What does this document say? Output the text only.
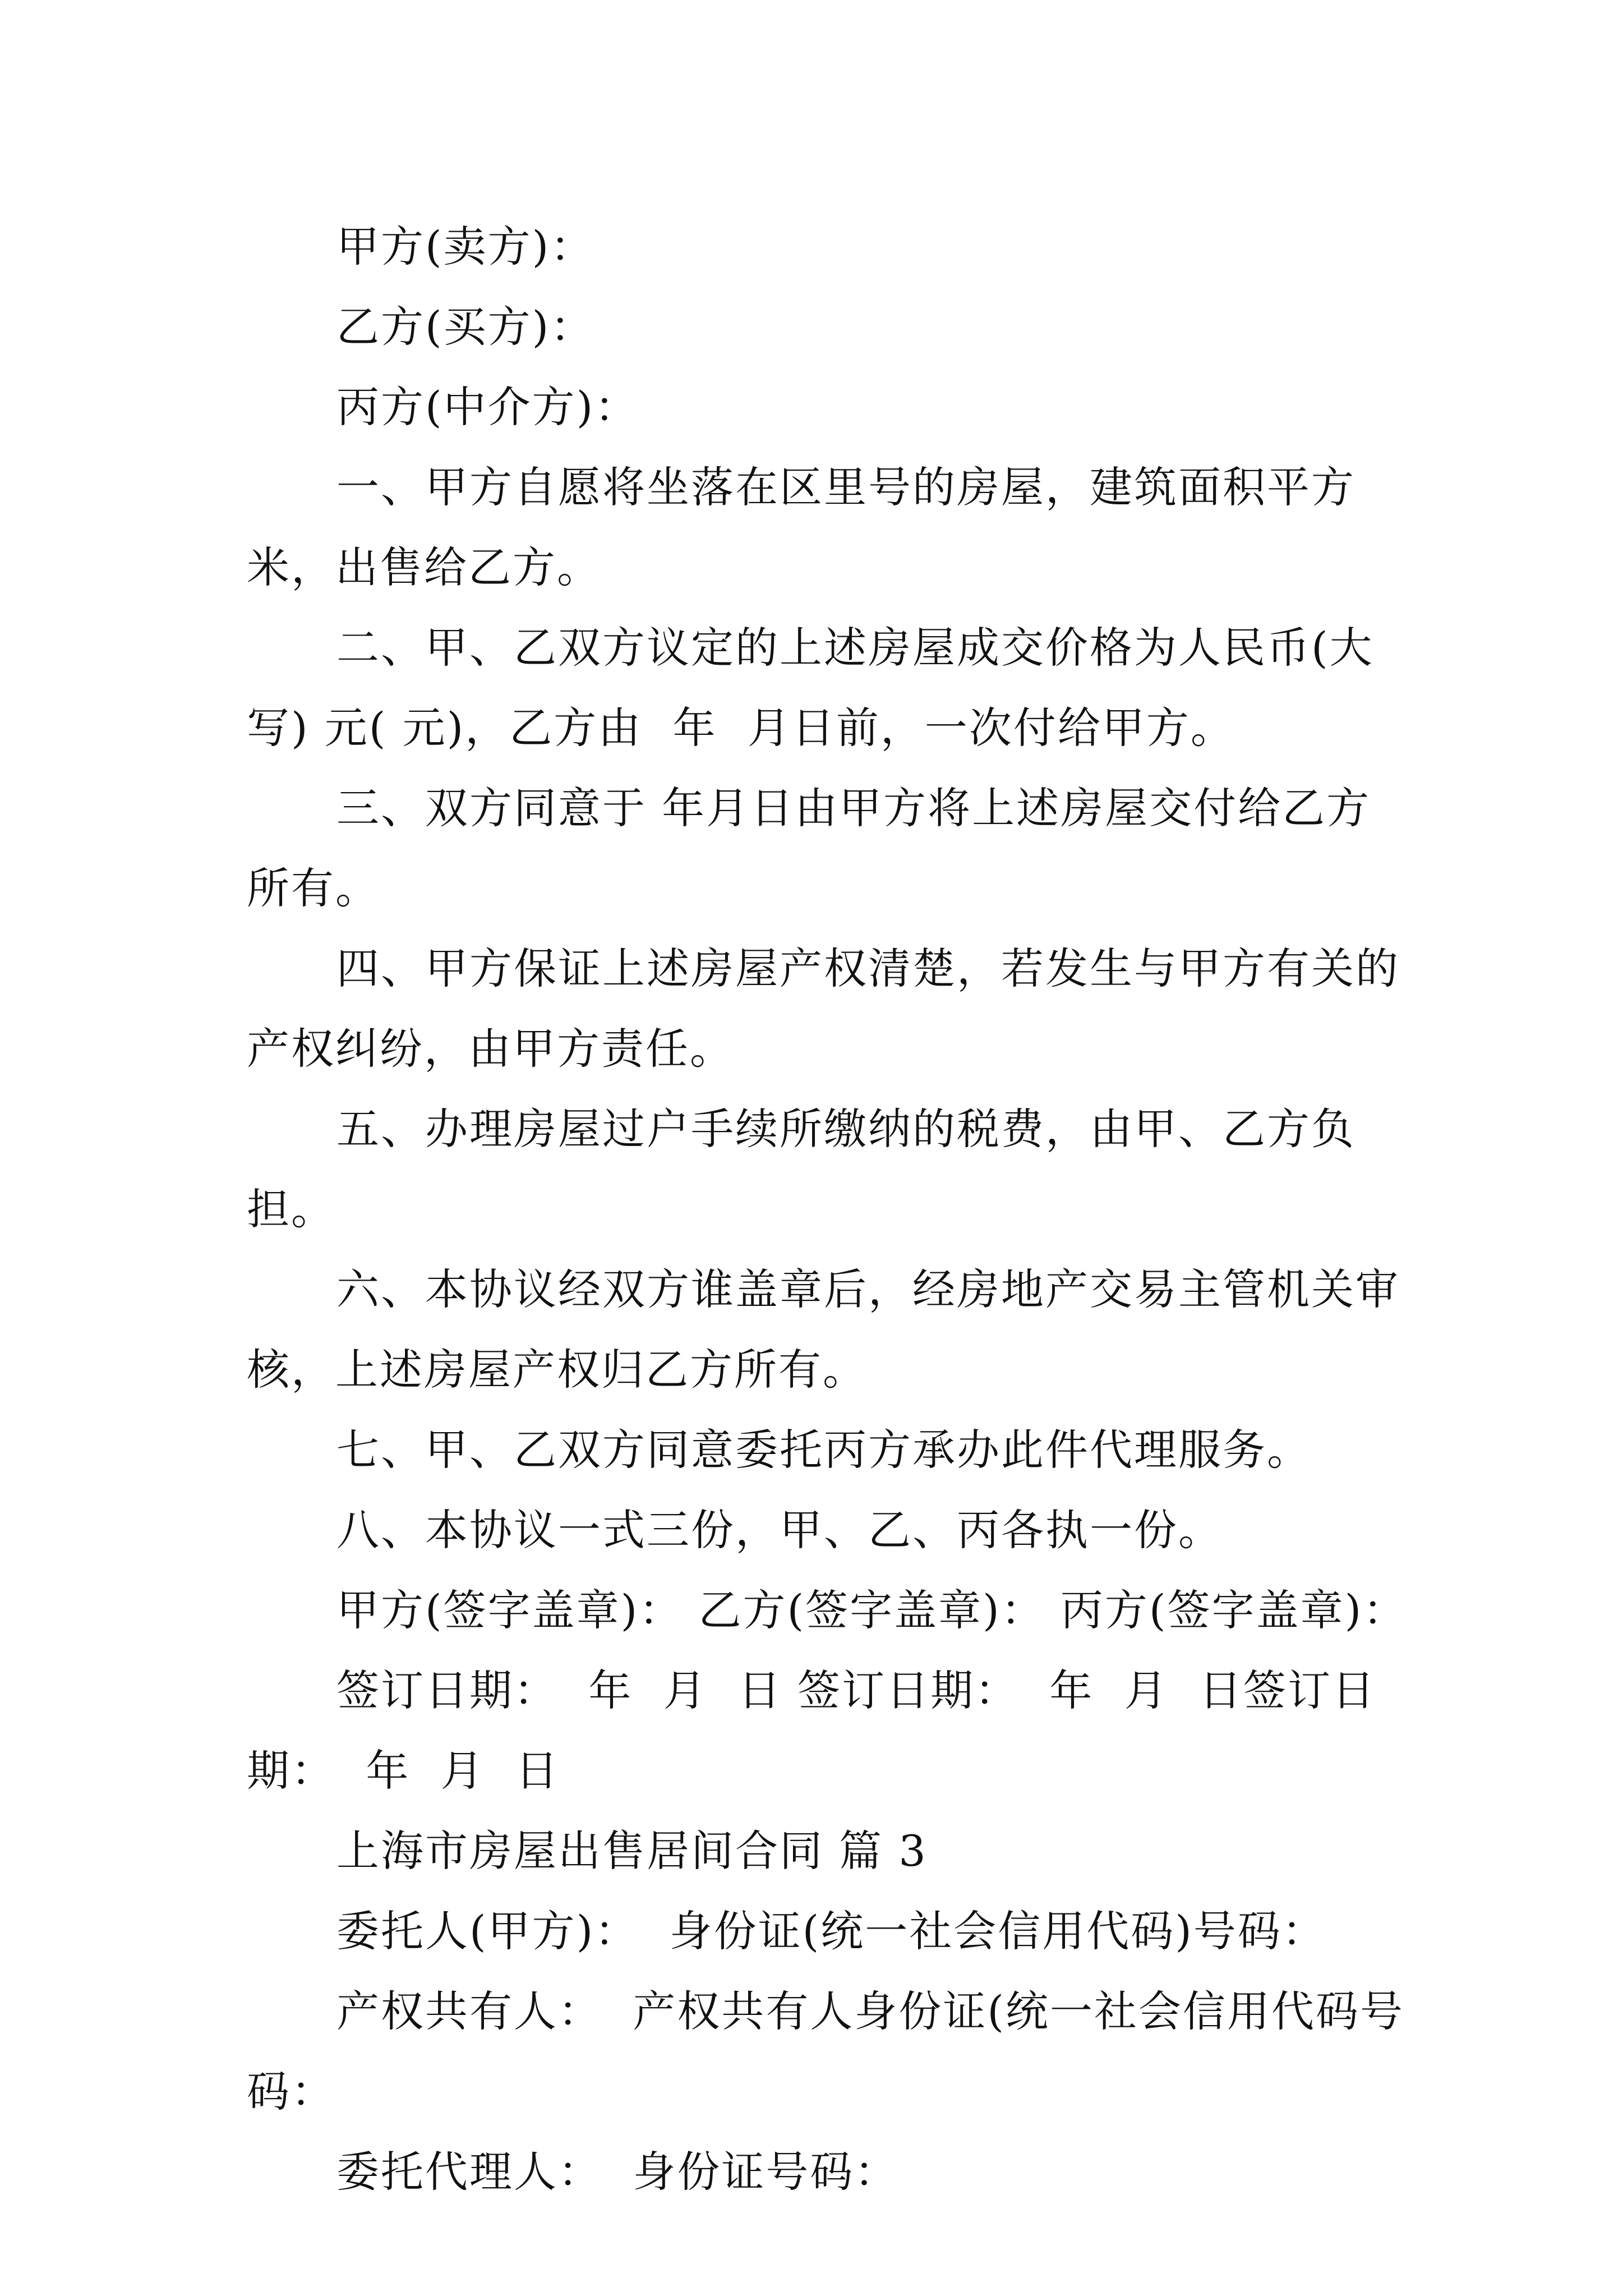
甲方(卖方)：

乙方(买方)：

丙方(中介方)：

一、甲方自愿将坐落在区里号的房屋，建筑面积平方米，出售给乙方。

二、甲、乙双方议定的上述房屋成交价格为人民币(大写) 元( 元)，乙方由  年  月日前，一次付给甲方。

三、双方同意于 年月日由甲方将上述房屋交付给乙方所有。

四、甲方保证上述房屋产权清楚，若发生与甲方有关的产权纠纷，由甲方责任。

五、办理房屋过户手续所缴纳的税费，由甲、乙方负担。

六、本协议经双方谁盖章后，经房地产交易主管机关审核，上述房屋产权归乙方所有。

七、甲、乙双方同意委托丙方承办此件代理服务。

八、本协议一式三份，甲、乙、丙各执一份。

甲方(签字盖章)： 乙方(签字盖章)： 丙方(签字盖章)：

签订日期：  年  月  日 签订日期：  年  月  日签订日期：  年  月  日

上海市房屋出售居间合同 篇 3

委托人(甲方)：  身份证(统一社会信用代码)号码：

产权共有人：  产权共有人身份证(统一社会信用代码号码：

委托代理人：  身份证号码：
